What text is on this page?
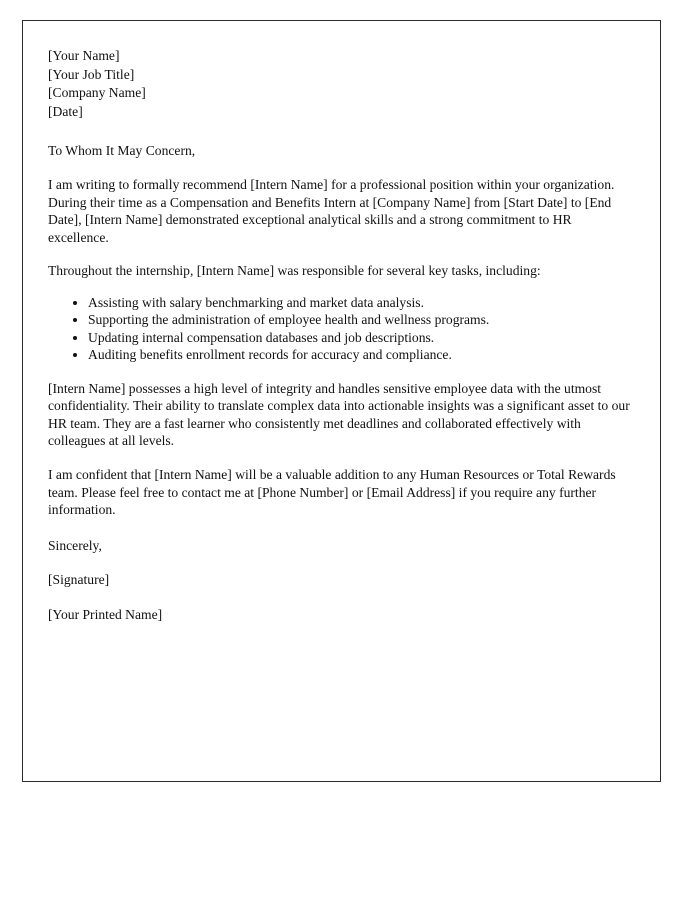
[Your Name]
[Your Job Title]
[Company Name]
[Date]
To Whom It May Concern,

I am writing to formally recommend [Intern Name] for a professional position within your organization. During their time as a Compensation and Benefits Intern at [Company Name] from [Start Date] to [End Date], [Intern Name] demonstrated exceptional analytical skills and a strong commitment to HR excellence.

Throughout the internship, [Intern Name] was responsible for several key tasks, including:

• Assisting with salary benchmarking and market data analysis.
• Supporting the administration of employee health and wellness programs.
• Updating internal compensation databases and job descriptions.
• Auditing benefits enrollment records for accuracy and compliance.

[Intern Name] possesses a high level of integrity and handles sensitive employee data with the utmost confidentiality. Their ability to translate complex data into actionable insights was a significant asset to our HR team. They are a fast learner who consistently met deadlines and collaborated effectively with colleagues at all levels.

I am confident that [Intern Name] will be a valuable addition to any Human Resources or Total Rewards team. Please feel free to contact me at [Phone Number] or [Email Address] if you require any further information.

Sincerely,
[Signature]
[Your Printed Name]
